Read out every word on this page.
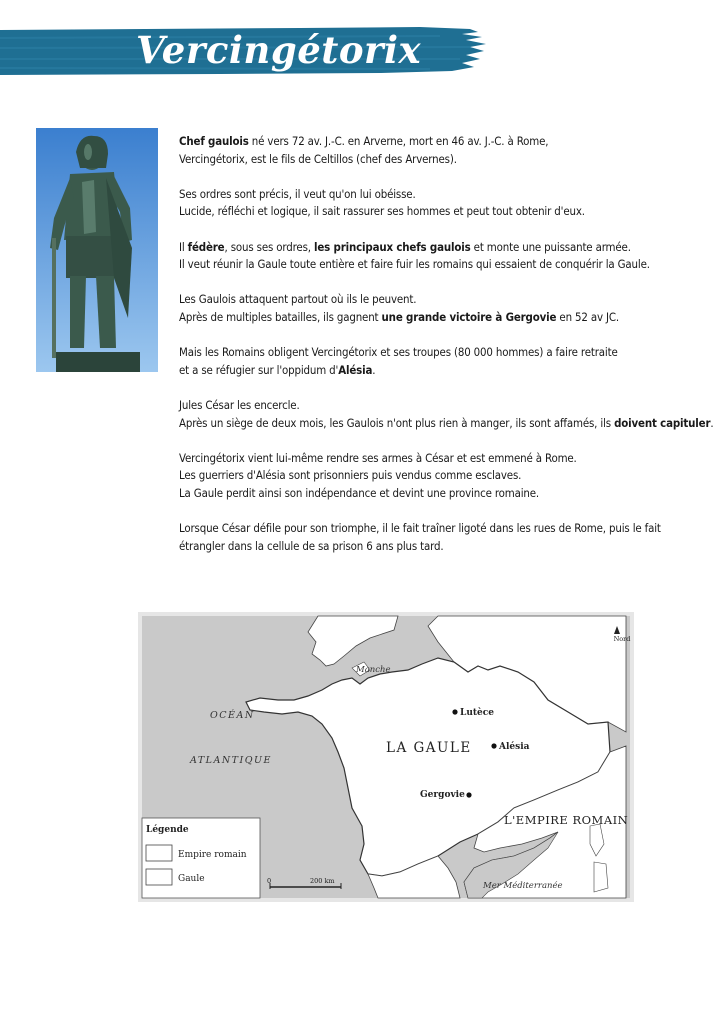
Vercingétorix

Chef gaulois né vers 72 av. J.-C. en Arverne, mort en 46 av. J.-C. à Rome,
Vercingétorix, est le fils de Celtillos (chef des Arvernes).

Ses ordres sont précis, il veut qu'on lui obéisse.
Lucide, réfléchi et logique, il sait rassurer ses hommes et peut tout obtenir d'eux.

Il fédère, sous ses ordres, les principaux chefs gaulois et monte une puissante armée.
Il veut réunir la Gaule toute entière et faire fuir les romains qui essaient de conquérir la Gaule.

Les Gaulois attaquent partout où ils le peuvent.
Après de multiples batailles, ils gagnent une grande victoire à Gergovie en 52 av JC.

Mais les Romains obligent Vercingétorix et ses troupes (80 000 hommes) a faire retraite
et a se réfugier sur l'oppidum d'Alésia.

Jules César les encercle.
Après un siège de deux mois, les Gaulois n'ont plus rien à manger, ils sont affamés, ils doivent capituler.

Vercingétorix vient lui-même rendre ses armes à César et est emmené à Rome.
Les guerriers d'Alésia sont prisonniers puis vendus comme esclaves.
La Gaule perdit ainsi son indépendance et devint une province romaine.

Lorsque César défile pour son triomphe, il le fait traîner ligoté dans les rues de Rome, puis le fait
étrangler dans la cellule de sa prison 6 ans plus tard.

Nord
Manche
OCÉAN
ATLANTIQUE
LA GAULE
L'EMPIRE ROMAIN
Mer Méditerranée
Lutèce
Alésia
Gergovie
Légende
Empire romain
Gaule	0	200 km
